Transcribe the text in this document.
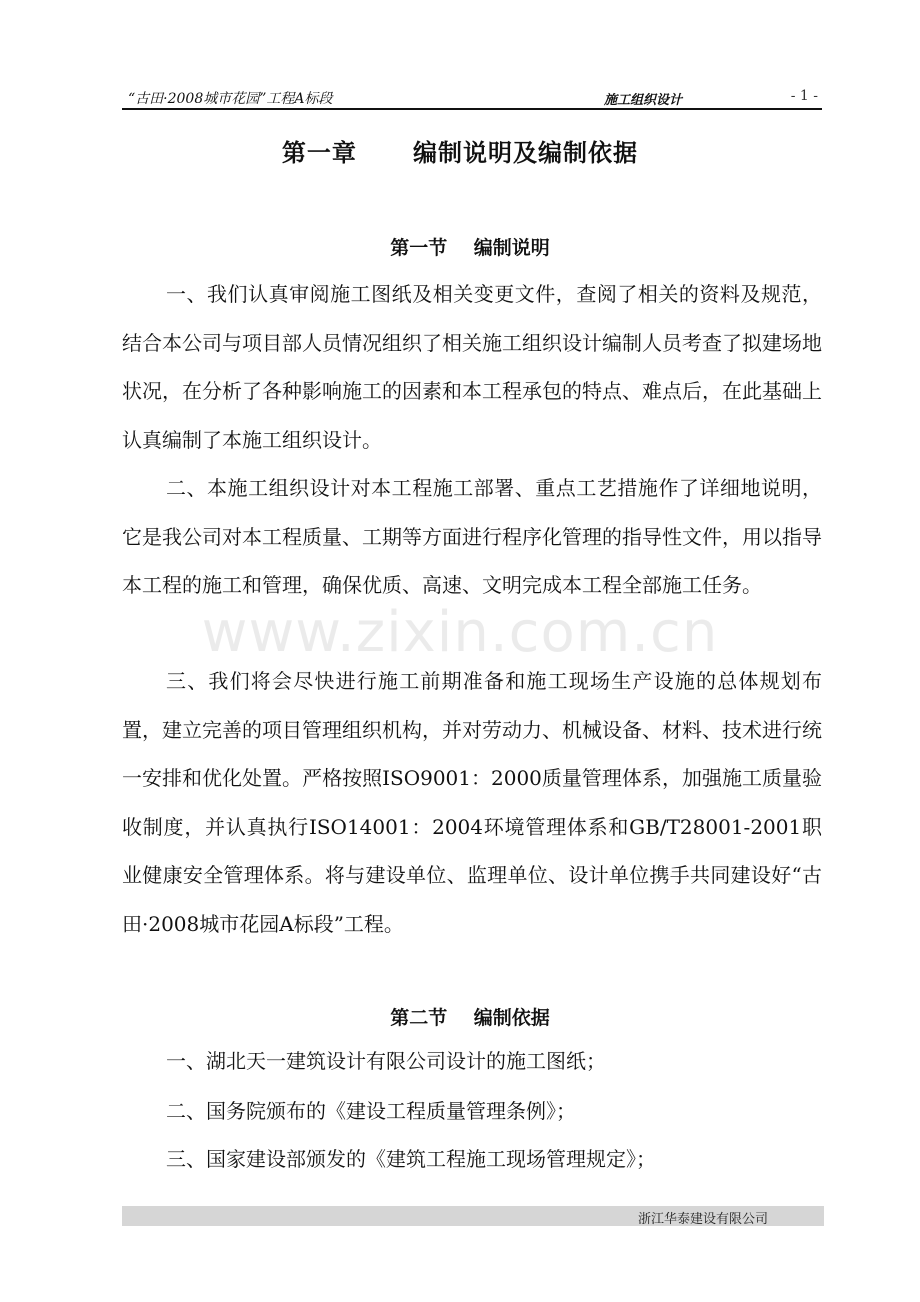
“古田·2008城市花园”工程A标段	施工组织设计	- 1 -
第一章      编制说明及编制依据
第一节    编制说明

一、我们认真审阅施工图纸及相关变更文件，查阅了相关的资料及规范，结合本公司与项目部人员情况组织了相关施工组织设计编制人员考查了拟建场地状况，在分析了各种影响施工的因素和本工程承包的特点、难点后，在此基础上认真编制了本施工组织设计。

二、本施工组织设计对本工程施工部署、重点工艺措施作了详细地说明，它是我公司对本工程质量、工期等方面进行程序化管理的指导性文件，用以指导本工程的施工和管理，确保优质、高速、文明完成本工程全部施工任务。

三、我们将会尽快进行施工前期准备和施工现场生产设施的总体规划布置，建立完善的项目管理组织机构，并对劳动力、机械设备、材料、技术进行统一安排和优化处置。严格按照ISO9001：2000质量管理体系，加强施工质量验收制度，并认真执行ISO14001：2004环境管理体系和GB/T28001-2001职业健康安全管理体系。将与建设单位、监理单位、设计单位携手共同建设好“古田·2008城市花园A标段”工程。

www.zixin.com.cn
第二节    编制依据

一、湖北天一建筑设计有限公司设计的施工图纸；

二、国务院颁布的《建设工程质量管理条例》；

三、国家建设部颁发的《建筑工程施工现场管理规定》；

浙江华泰建设有限公司
